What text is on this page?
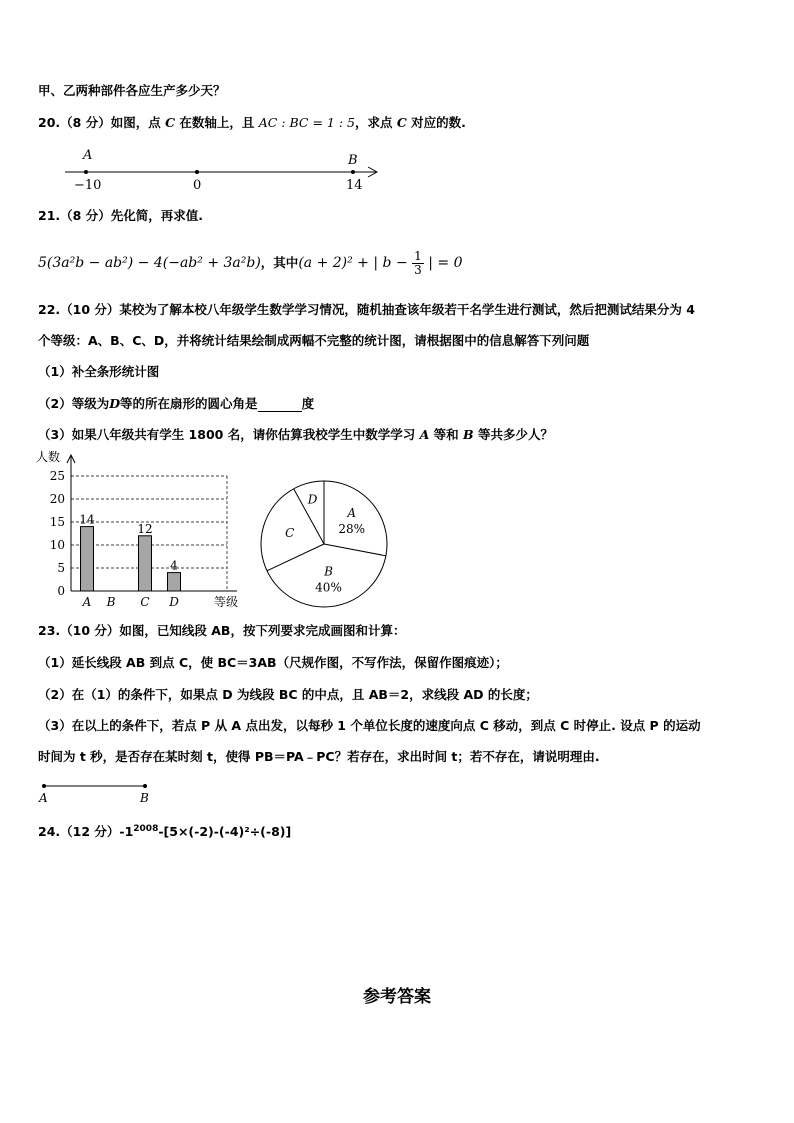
甲、乙两种部件各应生产多少天？
20.（8 分）如图，点 C 在数轴上，且 AC : BC = 1 : 5，求点 C 对应的数.
A	B
−10	0	14
21.（8 分）先化简，再求值.
5(3a²b − ab²) − 4(−ab² + 3a²b)，其中(a + 2)² + | $b - \frac{1}{3}$ | = 0
22.（10 分）某校为了解本校八年级学生数学学习情况，随机抽查该年级若干名学生进行测试，然后把测试结果分为 4
个等级：A、B、C、D，并将统计结果绘制成两幅不完整的统计图，请根据图中的信息解答下列问题
（1）补全条形统计图
（2）等级为D等的所在扇形的圆心角是	度
（3）如果八年级共有学生 1800 名，请你估算我校学生中数学学习 A 等和 B 等共多少人？
人数
0
5
10
15
20
25
等级
A
14
B C
12
D
4
A
28%
B
40%
C
D
23.（10 分）如图，已知线段 AB，按下列要求完成画图和计算：
（1）延长线段 AB 到点 C，使 BC＝3AB（尺规作图，不写作法，保留作图痕迹）；
（2）在（1）的条件下，如果点 D 为线段 BC 的中点，且 AB＝2，求线段 AD 的长度；
（3）在以上的条件下，若点 P 从 A 点出发，以每秒 1 个单位长度的速度向点 C 移动，到点 C 时停止. 设点 P 的运动
时间为 t 秒，是否存在某时刻 t，使得 PB＝PA﹣PC？若存在，求出时间 t；若不存在，请说明理由.
A	B
24.（12 分）$-1^{2008}-[5\times(-2)-(-4)^2\div(-8)]$
参考答案
